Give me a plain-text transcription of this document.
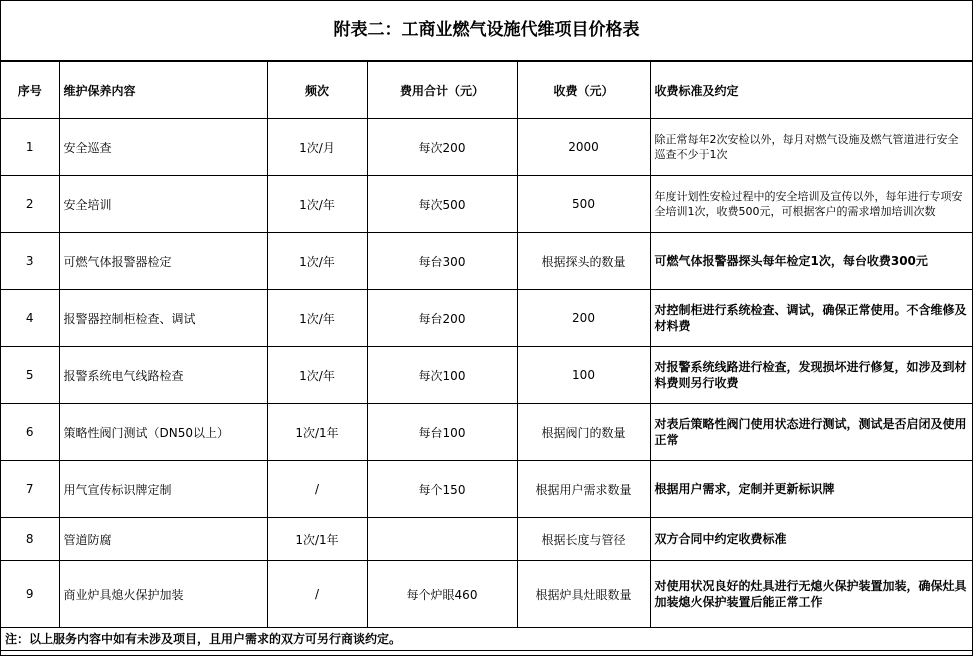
附表二：工商业燃气设施代维项目价格表
序号	维护保养内容	频次	费用合计（元）	收费（元）	收费标准及约定
1	安全巡查	1次/月	每次200	2000	除正常每年2次安检以外，每月对燃气设施及燃气管道进行安全巡查不少于1次
2	安全培训	1次/年	每次500	500	年度计划性安检过程中的安全培训及宣传以外，每年进行专项安全培训1次，收费500元，可根据客户的需求增加培训次数
3	可燃气体报警器检定	1次/年	每台300	根据探头的数量	可燃气体报警器探头每年检定1次，每台收费300元
4	报警器控制柜检查、调试	1次/年	每台200	200	对控制柜进行系统检查、调试，确保正常使用。不含维修及材料费
5	报警系统电气线路检查	1次/年	每次100	100	对报警系统线路进行检查，发现损坏进行修复，如涉及到材料费则另行收费
6	策略性阀门测试（DN50以上）	1次/1年	每台100	根据阀门的数量	对表后策略性阀门使用状态进行测试，测试是否启闭及使用正常
7	用气宣传标识牌定制	/	每个150	根据用户需求数量	根据用户需求，定制并更新标识牌
8	管道防腐	1次/1年		根据长度与管径	双方合同中约定收费标准
9	商业炉具熄火保护加装	/	每个炉眼460	根据炉具灶眼数量	对使用状况良好的灶具进行无熄火保护装置加装，确保灶具加装熄火保护装置后能正常工作
注：以上服务内容中如有未涉及项目，且用户需求的双方可另行商谈约定。					
